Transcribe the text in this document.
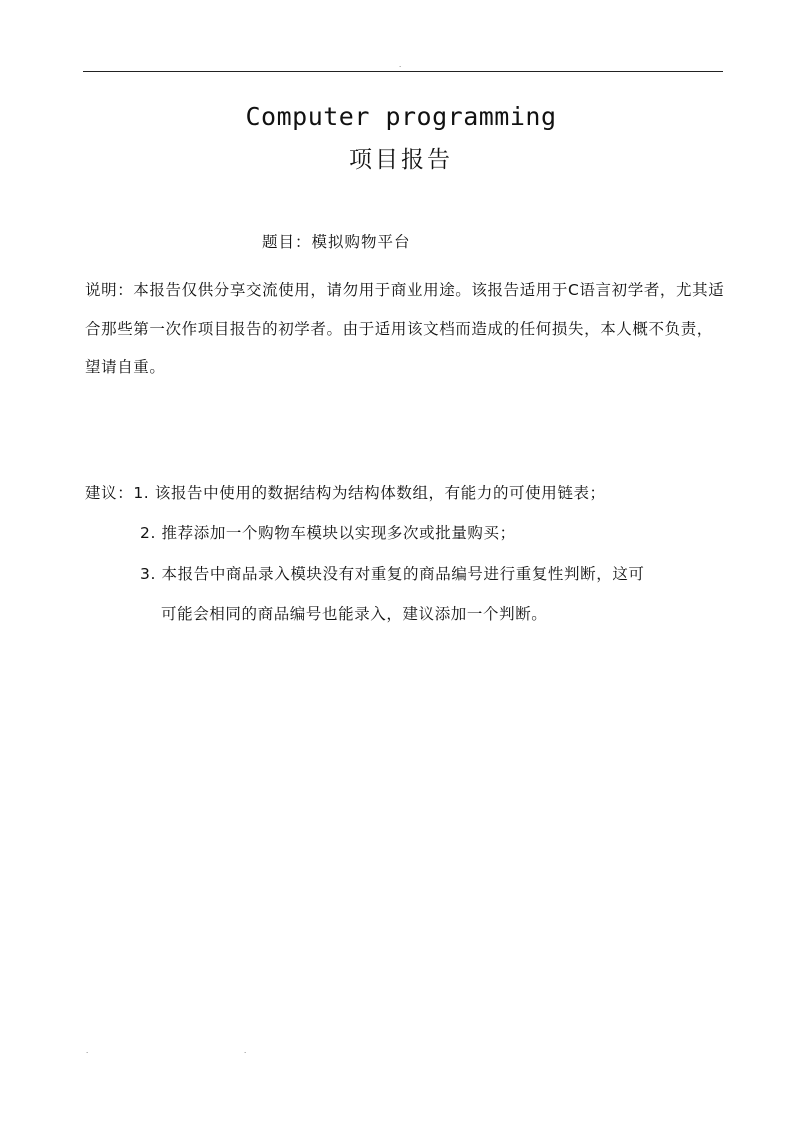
.
Computer programming
项目报告
题目：模拟购物平台

说明：本报告仅供分享交流使用，请勿用于商业用途。该报告适用于C语言初学者，尤其适合那些第一次作项目报告的初学者。由于适用该文档而造成的任何损失，本人概不负责，望请自重。

建议：1. 该报告中使用的数据结构为结构体数组，有能力的可使用链表；
2. 推荐添加一个购物车模块以实现多次或批量购买；
3. 本报告中商品录入模块没有对重复的商品编号进行重复性判断，这可
可能会相同的商品编号也能录入，建议添加一个判断。
.	.
